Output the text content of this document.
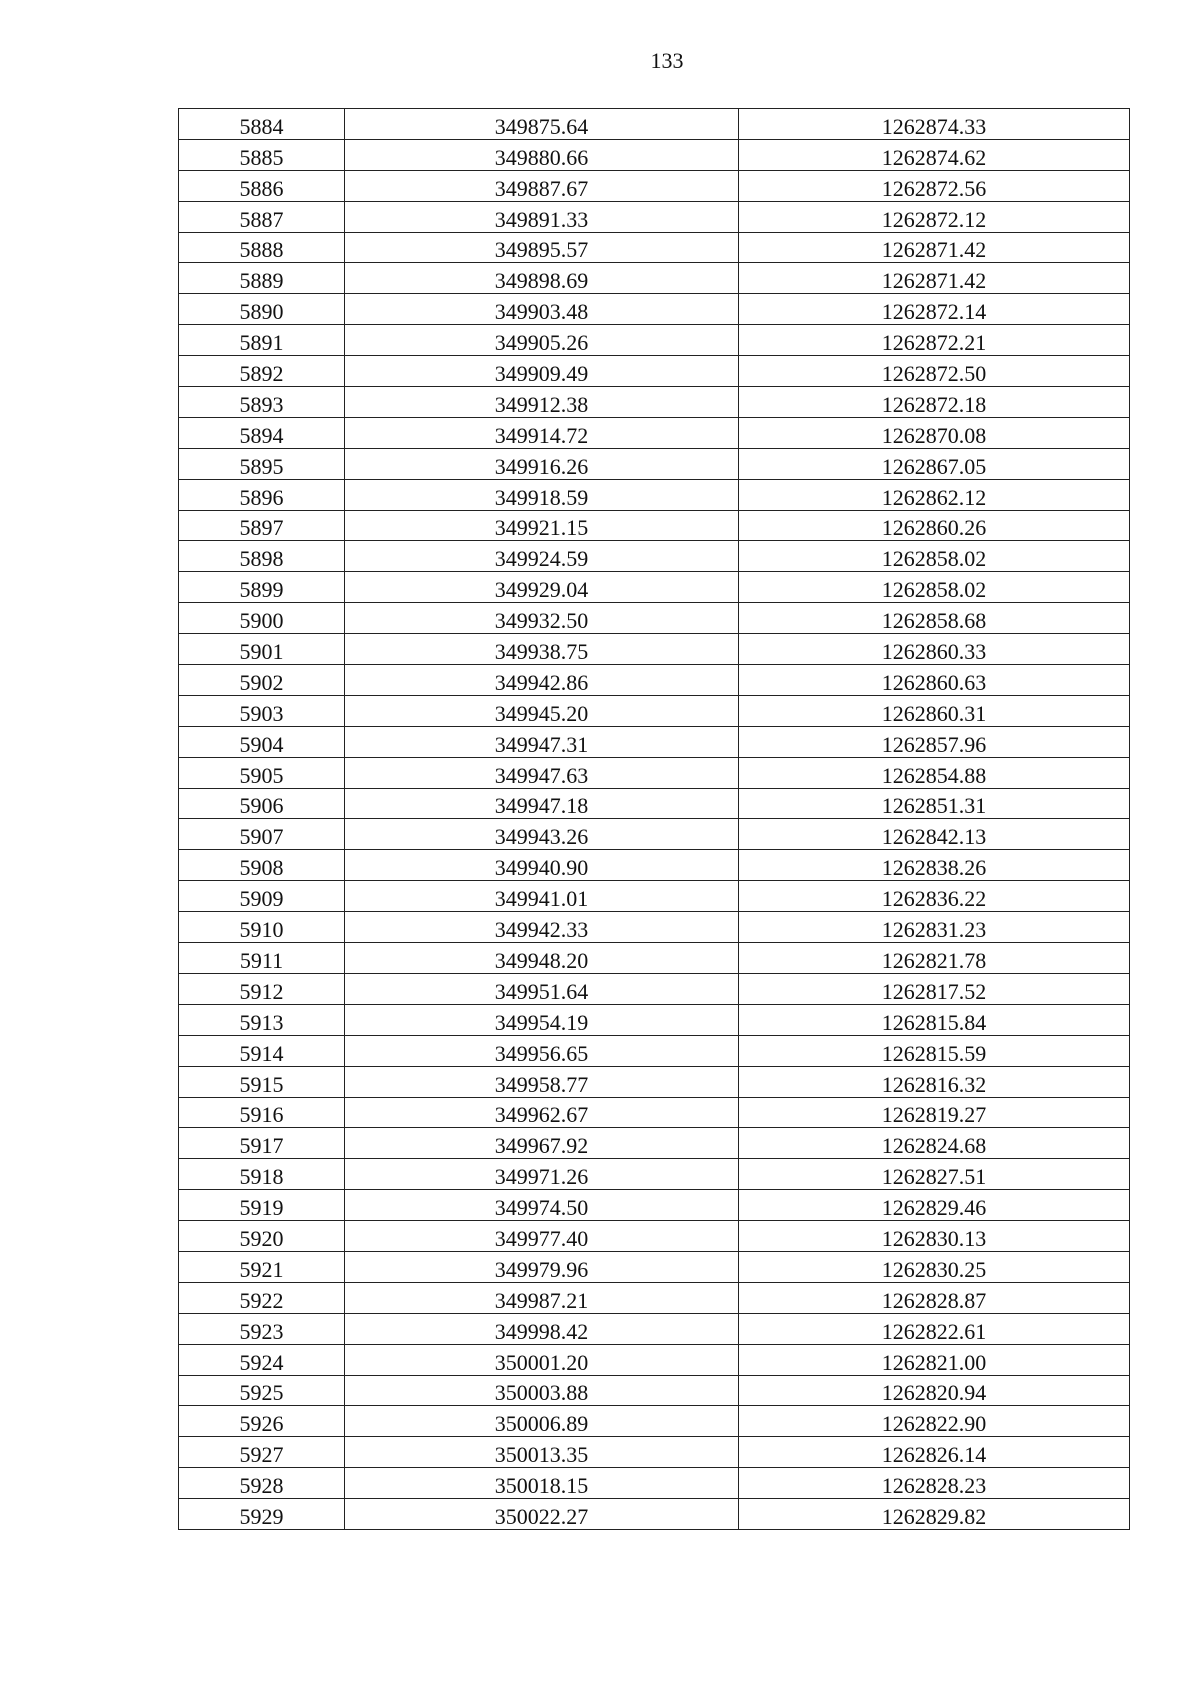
133
5884	349875.64	1262874.33
5885	349880.66	1262874.62
5886	349887.67	1262872.56
5887	349891.33	1262872.12
5888	349895.57	1262871.42
5889	349898.69	1262871.42
5890	349903.48	1262872.14
5891	349905.26	1262872.21
5892	349909.49	1262872.50
5893	349912.38	1262872.18
5894	349914.72	1262870.08
5895	349916.26	1262867.05
5896	349918.59	1262862.12
5897	349921.15	1262860.26
5898	349924.59	1262858.02
5899	349929.04	1262858.02
5900	349932.50	1262858.68
5901	349938.75	1262860.33
5902	349942.86	1262860.63
5903	349945.20	1262860.31
5904	349947.31	1262857.96
5905	349947.63	1262854.88
5906	349947.18	1262851.31
5907	349943.26	1262842.13
5908	349940.90	1262838.26
5909	349941.01	1262836.22
5910	349942.33	1262831.23
5911	349948.20	1262821.78
5912	349951.64	1262817.52
5913	349954.19	1262815.84
5914	349956.65	1262815.59
5915	349958.77	1262816.32
5916	349962.67	1262819.27
5917	349967.92	1262824.68
5918	349971.26	1262827.51
5919	349974.50	1262829.46
5920	349977.40	1262830.13
5921	349979.96	1262830.25
5922	349987.21	1262828.87
5923	349998.42	1262822.61
5924	350001.20	1262821.00
5925	350003.88	1262820.94
5926	350006.89	1262822.90
5927	350013.35	1262826.14
5928	350018.15	1262828.23
5929	350022.27	1262829.82
